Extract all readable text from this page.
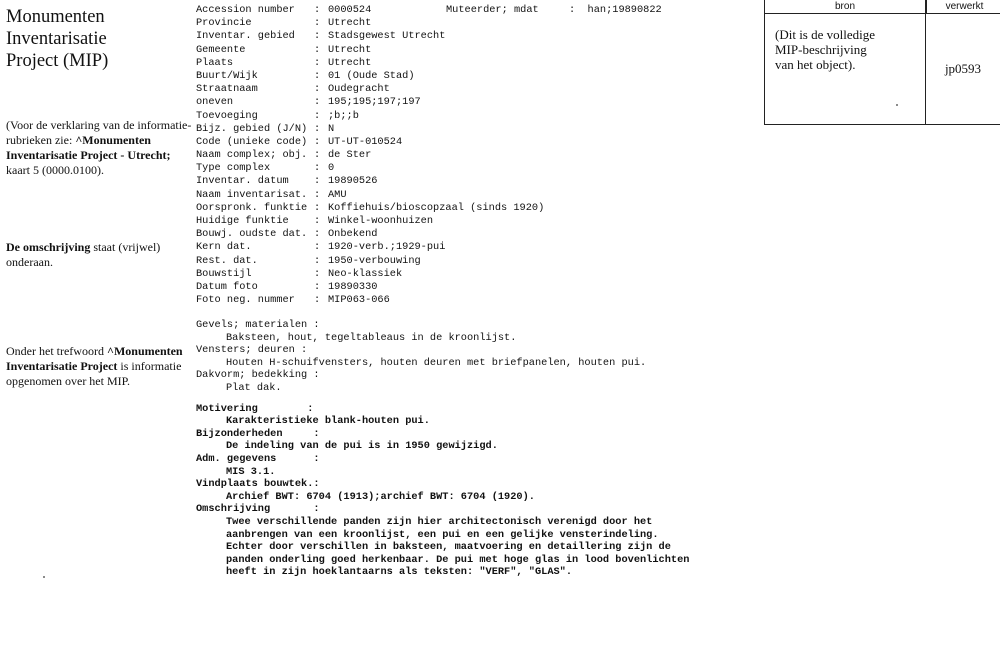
Monumenten
Inventarisatie
Project (MIP)
(Voor de verklaring van de informatie-rubrieken zie: ^Monumenten Inventarisatie Project - Utrecht; kaart 5 (0000.0100).
De omschrijving staat (vrijwel) onderaan.
Onder het trefwoord ^Monumenten Inventarisatie Project is informatie opgenomen over het MIP.
Muteerder; mdat	:  han;19890822
Accession number	: 0000524
Provincie	: Utrecht
Inventar. gebied	: Stadsgewest Utrecht
Gemeente	: Utrecht
Plaats	: Utrecht
Buurt/Wijk	: 01 (Oude Stad)
Straatnaam	: Oudegracht
oneven	: 195;195;197;197
Toevoeging	: ;b;;b
Bijz. gebied (J/N) : N
Code (unieke code) : UT-UT-010524
Naam complex; obj. : de Ster
Type complex	: 0
Inventar. datum	: 19890526
Naam inventarisat. : AMU
Oorspronk. funktie : Koffiehuis/bioscopzaal (sinds 1920)
Huidige funktie	: Winkel-woonhuizen
Bouwj. oudste dat. : Onbekend
Kern dat.	: 1920-verb.;1929-pui
Rest. dat.	: 1950-verbouwing
Bouwstijl	: Neo-klassiek
Datum foto	: 19890330
Foto neg. nummer	: MIP063-066
Gevels; materialen :
Baksteen, hout, tegeltableaus in de kroonlijst.
Vensters; deuren :
Houten H-schuifvensters, houten deuren met briefpanelen, houten pui.
Dakvorm; bedekking :
Plat dak.
Motivering        :
Karakteristieke blank-houten pui.
Bijzonderheden     :
De indeling van de pui is in 1950 gewijzigd.
Adm. gegevens      :
MIS 3.1.
Vindplaats bouwtek.:
Archief BWT: 6704 (1913);archief BWT: 6704 (1920).
Omschrijving       :
Twee verschillende panden zijn hier architectonisch verenigd door het
aanbrengen van een kroonlijst, een pui en een gelijke vensterindeling.
Echter door verschillen in baksteen, maatvoering en detaillering zijn de
panden onderling goed herkenbaar. De pui met hoge glas in lood bovenlichten
heeft in zijn hoeklantaarns als teksten: "VERF", "GLAS".
bron	verwerkt
(Dit is de volledige
MIP-beschrijving
van het object).	jp0593
